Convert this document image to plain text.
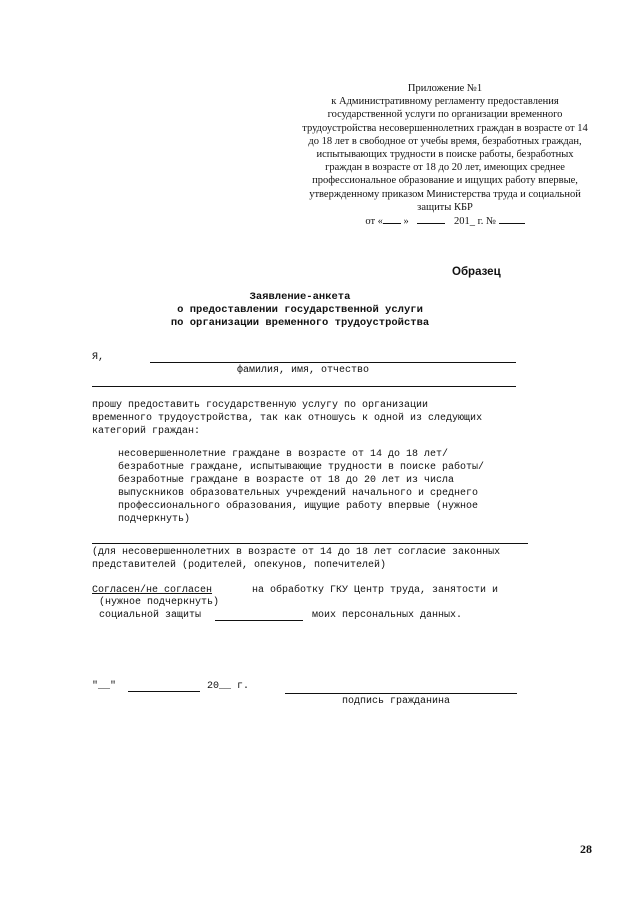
Приложение №1
к Административному регламенту предоставления
государственной услуги по организации временного
трудоустройства несовершеннолетних граждан в возрасте от 14
до 18 лет в свободное от учебы время, безработных граждан,
испытывающих трудности в поиске работы, безработных
граждан в возрасте от 18 до 20 лет, имеющих среднее
профессиональное образование и ищущих работу впервые,
утвержденному приказом Министерства труда и социальной
защиты КБР
от « »	201_ г. №
Образец
Заявление-анкета
о предоставлении государственной услуги
по организации временного трудоустройства
Я,
фамилия, имя, отчество
прошу предоставить государственную услугу по организации
временного трудоустройства, так как отношусь к одной из следующих
категорий граждан:
несовершеннолетние граждане в возрасте от 14 до 18 лет/
безработные граждане, испытывающие трудности в поиске работы/
безработные граждане в возрасте от 18 до 20 лет из числа
выпускников образовательных учреждений начального и среднего
профессионального образования, ищущие работу впервые (нужное
подчеркнуть)
(для несовершеннолетних в возрасте от 14 до 18 лет согласие законных
представителей (родителей, опекунов, попечителей)
Согласен/не согласен	на обработку ГКУ Центр труда, занятости и
(нужное подчеркнуть)
социальной защиты	моих персональных данных.
"__"	20__ г.
подпись гражданина
28
